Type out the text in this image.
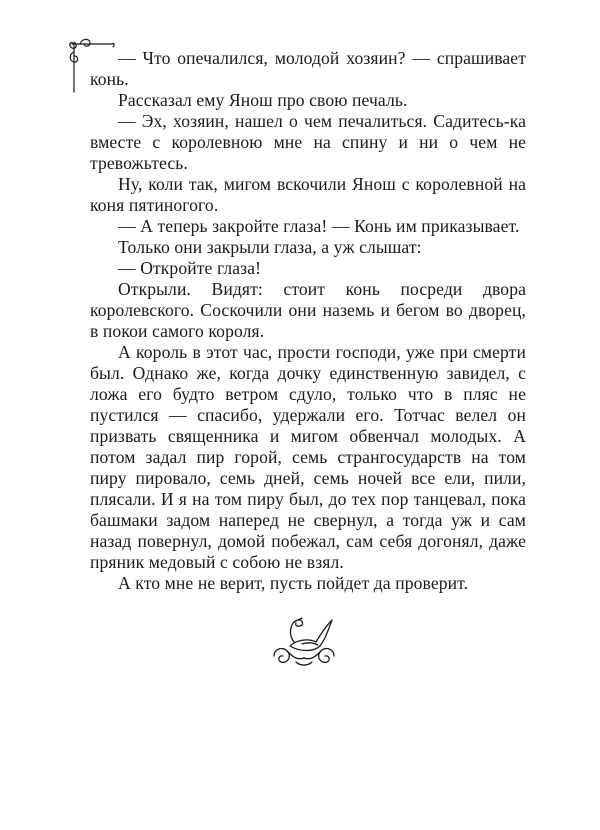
— Что опечалился, молодой хозяин? — спрашивает конь.

Рассказал ему Янош про свою печаль.

— Эх, хозяин, нашел о чем печалиться. Садитесь-ка вместе с королевною мне на спину и ни о чем не тревожьтесь.

Ну, коли так, мигом вскочили Янош с королевной на коня пятиногого.

— А теперь закройте глаза! — Конь им приказывает.

Только они закрыли глаза, а уж слышат:

— Откройте глаза!

Открыли. Видят: стоит конь посреди двора королевского. Соскочили они наземь и бегом во дворец, в покои самого короля.

А король в этот час, прости господи, уже при смерти был. Однако же, когда дочку единственную завидел, с ложа его будто ветром сдуло, только что в пляс не пустился — спасибо, удержали его. Тотчас велел он призвать священника и мигом обвенчал молодых. А потом задал пир горой, семь странгосударств на том пиру пировало, семь дней, семь ночей все ели, пили, плясали. И я на том пиру был, до тех пор танцевал, пока башмаки задом наперед не свернул, а тогда уж и сам назад повернул, домой побежал, сам себя догонял, даже пряник медовый с собою не взял.

А кто мне не верит, пусть пойдет да проверит.
